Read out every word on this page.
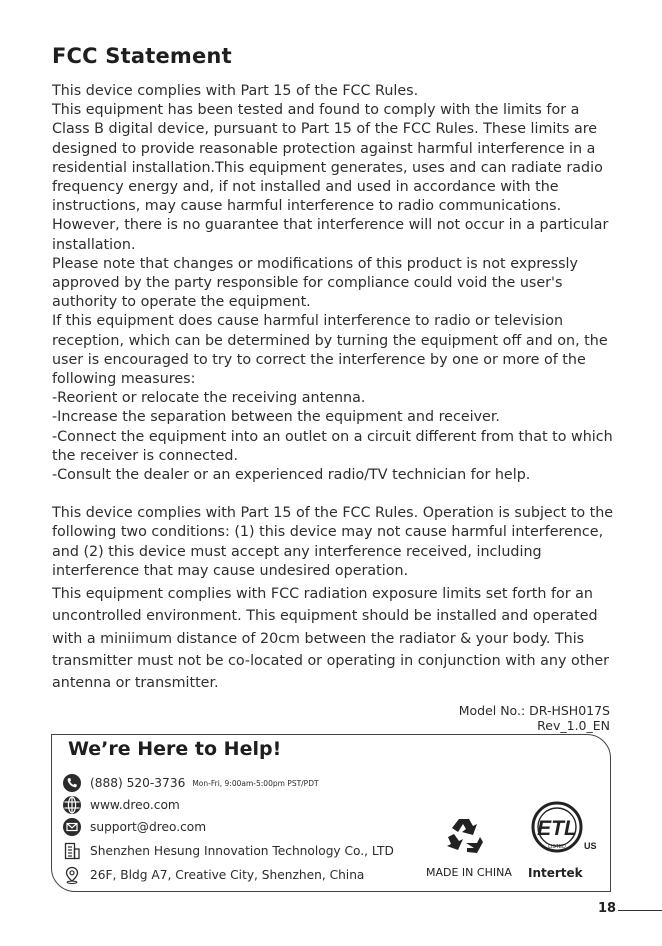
FCC Statement

This device complies with Part 15 of the FCC Rules.

This equipment has been tested and found to comply with the limits for a Class B digital device, pursuant to Part 15 of the FCC Rules. These limits are designed to provide reasonable protection against harmful interference in a residential installation.This equipment generates, uses and can radiate radio frequency energy and, if not installed and used in accordance with the instructions, may cause harmful interference to radio communications. However, there is no guarantee that interference will not occur in a particular installation.

Please note that changes or modifications of this product is not expressly approved by the party responsible for compliance could void the user's authority to operate the equipment.

If this equipment does cause harmful interference to radio or television reception, which can be determined by turning the equipment off and on, the user is encouraged to try to correct the interference by one or more of the following measures:

-Reorient or relocate the receiving antenna.

-Increase the separation between the equipment and receiver.

-Connect the equipment into an outlet on a circuit different from that to which the receiver is connected.

-Consult the dealer or an experienced radio/TV technician for help.

This device complies with Part 15 of the FCC Rules. Operation is subject to the following two conditions: (1) this device may not cause harmful interference, and (2) this device must accept any interference received, including interference that may cause undesired operation.

This equipment complies with FCC radiation exposure limits set forth for an uncontrolled environment. This equipment should be installed and operated with a miniimum distance of 20cm between the radiator & your body. This transmitter must not be co-located or operating in conjunction with any other antenna or transmitter.

Model No.: DR-HSH017S
Rev_1.0_EN
We’re Here to Help!
(888) 520-3736 Mon-Fri, 9:00am-5:00pm PST/PDT
www.dreo.com
support@dreo.com
Shenzhen Hesung Innovation Technology Co., LTD
26F, Bldg A7, Creative City, Shenzhen, China	MADE IN CHINA
ETL
LISTED US
Intertek
18
